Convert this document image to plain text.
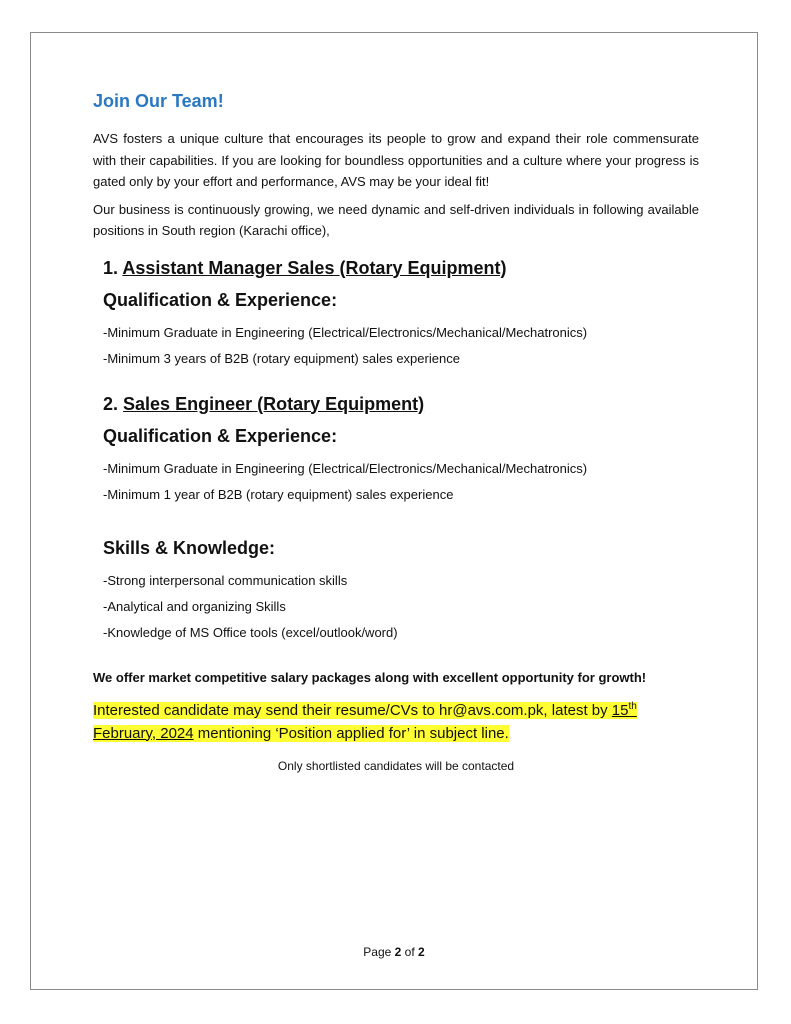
Join Our Team!

AVS fosters a unique culture that encourages its people to grow and expand their role commensurate with their capabilities. If you are looking for boundless opportunities and a culture where your progress is gated only by your effort and performance, AVS may be your ideal fit!

Our business is continuously growing, we need dynamic and self-driven individuals in following available positions in South region (Karachi office),

1. Assistant Manager Sales (Rotary Equipment)
Qualification & Experience:
-Minimum Graduate in Engineering (Electrical/Electronics/Mechanical/Mechatronics)
-Minimum 3 years of B2B (rotary equipment) sales experience
2. Sales Engineer (Rotary Equipment)
Qualification & Experience:
-Minimum Graduate in Engineering (Electrical/Electronics/Mechanical/Mechatronics)
-Minimum 1 year of B2B (rotary equipment) sales experience
Skills & Knowledge:
-Strong interpersonal communication skills
-Analytical and organizing Skills
-Knowledge of MS Office tools (excel/outlook/word)
We offer market competitive salary packages along with excellent opportunity for growth!
Interested candidate may send their resume/CVs to hr@avs.com.pk, latest by 15th February, 2024 mentioning ‘Position applied for’ in subject line.
Only shortlisted candidates will be contacted
Page 2 of 2
